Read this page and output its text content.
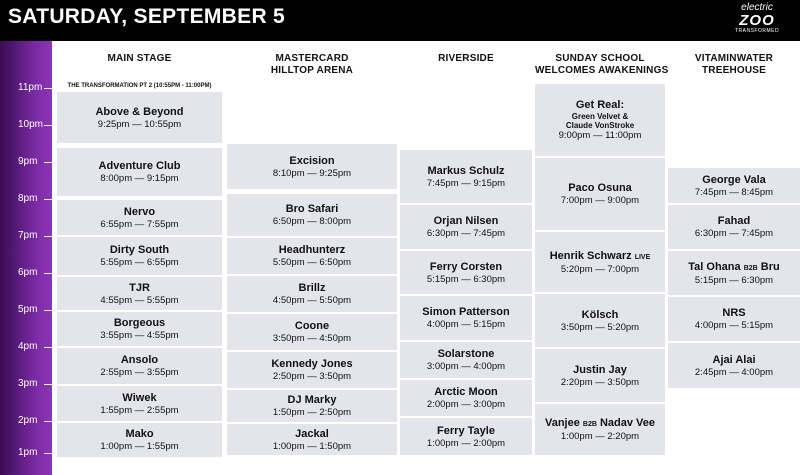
SATURDAY, SEPTEMBER 5	electric
ZOO
TRANSFORMED
11pm
10pm
9pm
8pm
7pm
6pm
5pm
4pm
3pm
2pm
1pm
MAIN STAGE	MASTERCARD
HILLTOP ARENA
RIVERSIDE	SUNDAY SCHOOL
WELCOMES AWAKENINGS
VITAMINWATER
TREEHOUSE
THE TRANSFORMATION PT 2 (10:55PM - 11:00PM)
Above & Beyond
9:25pm — 10:55pm
Adventure Club
8:00pm — 9:15pm
Nervo
6:55pm — 7:55pm
Dirty South
5:55pm — 6:55pm
TJR
4:55pm — 5:55pm
Borgeous
3:55pm — 4:55pm
Ansolo
2:55pm — 3:55pm
Wiwek
1:55pm — 2:55pm
Mako
1:00pm — 1:55pm
Excision
8:10pm — 9:25pm
Bro Safari
6:50pm — 8:00pm
Headhunterz
5:50pm — 6:50pm
Brillz
4:50pm — 5:50pm
Coone
3:50pm — 4:50pm
Kennedy Jones
2:50pm — 3:50pm
DJ Marky
1:50pm — 2:50pm
Jackal
1:00pm — 1:50pm
Markus Schulz
7:45pm — 9:15pm
Orjan Nilsen
6:30pm — 7:45pm
Ferry Corsten
5:15pm — 6:30pm
Simon Patterson
4:00pm — 5:15pm
Solarstone
3:00pm — 4:00pm
Arctic Moon
2:00pm — 3:00pm
Ferry Tayle
1:00pm — 2:00pm
Get Real:
Green Velvet &
Claude VonStroke
9:00pm — 11:00pm
Paco Osuna
7:00pm — 9:00pm
Henrik Schwarz LIVE
5:20pm — 7:00pm
Kölsch
3:50pm — 5:20pm
Justin Jay
2:20pm — 3:50pm
Vanjee B2B Nadav Vee
1:00pm — 2:20pm
George Vala
7:45pm — 8:45pm
Fahad
6:30pm — 7:45pm
Tal Ohana B2B Bru
5:15pm — 6:30pm
NRS
4:00pm — 5:15pm
Ajai Alai
2:45pm — 4:00pm
